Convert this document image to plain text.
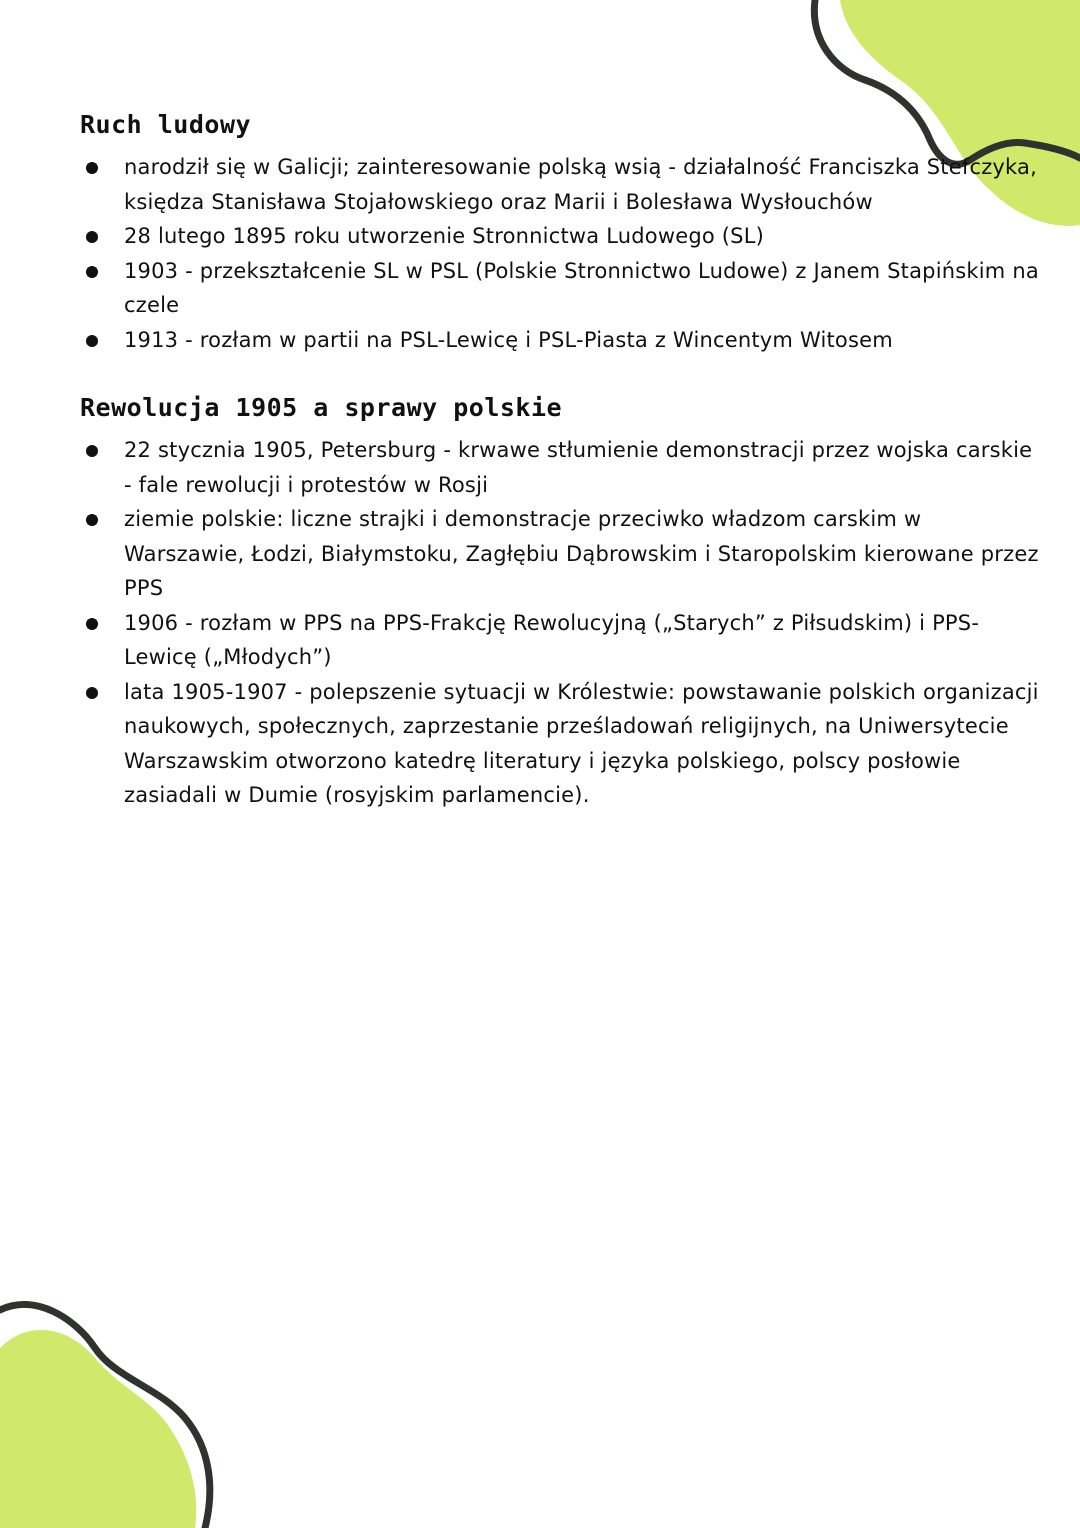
Ruch ludowy
narodził się w Galicji; zainteresowanie polską wsią - działalność Franciszka Stefczyka, księdza Stanisława Stojałowskiego oraz Marii i Bolesława Wysłouchów
28 lutego 1895 roku utworzenie Stronnictwa Ludowego (SL)
1903 - przekształcenie SL w PSL (Polskie Stronnictwo Ludowe) z Janem Stapińskim na czele
1913 - rozłam w partii na PSL-Lewicę i PSL-Piasta z Wincentym Witosem
Rewolucja 1905 a sprawy polskie
22 stycznia 1905, Petersburg - krwawe stłumienie demonstracji przez wojska carskie - fale rewolucji i protestów w Rosji
ziemie polskie: liczne strajki i demonstracje przeciwko władzom carskim w Warszawie, Łodzi, Białymstoku, Zagłębiu Dąbrowskim i Staropolskim kierowane przez PPS
1906 - rozłam w PPS na PPS-Frakcję Rewolucyjną („Starych” z Piłsudskim) i PPS-Lewicę („Młodych”)
lata 1905-1907 - polepszenie sytuacji w Królestwie: powstawanie polskich organizacji naukowych, społecznych, zaprzestanie prześladowań religijnych, na Uniwersytecie Warszawskim otworzono katedrę literatury i języka polskiego, polscy posłowie zasiadali w Dumie (rosyjskim parlamencie).
